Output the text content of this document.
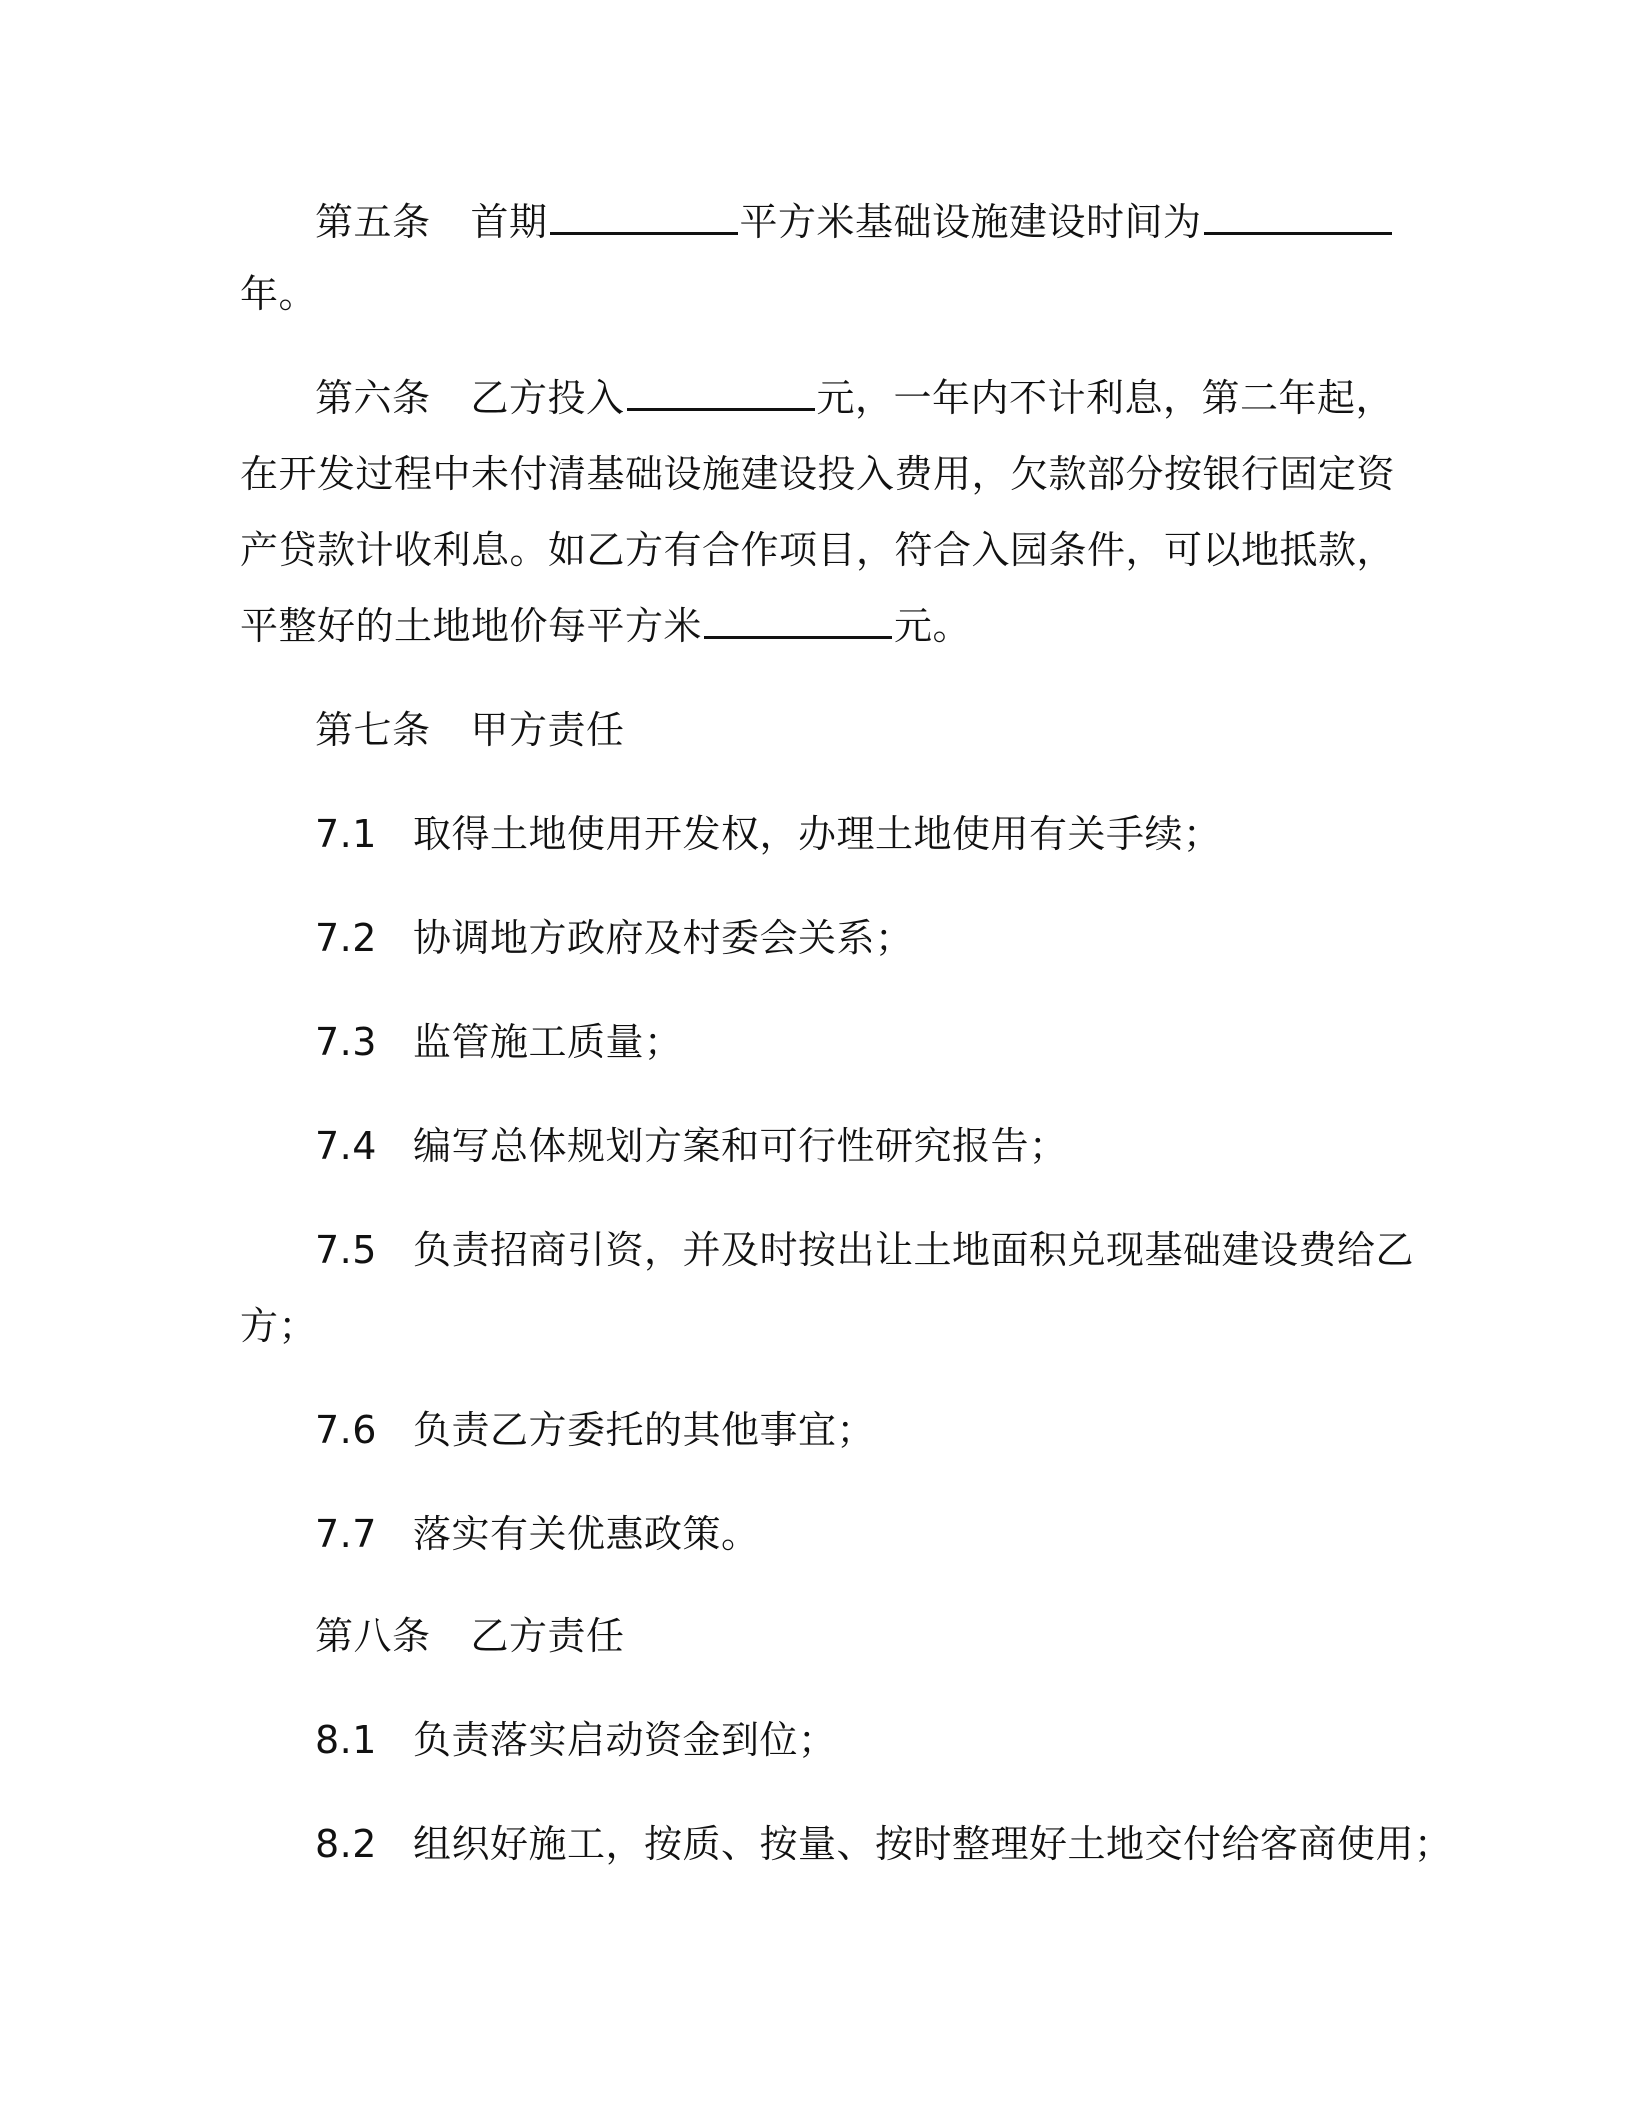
第五条 首期	平方米基础设施建设时间为
年。
第六条 乙方投入	元，一年内不计利息，第二年起，
在开发过程中未付清基础设施建设投入费用，欠款部分按银行固定资
产贷款计收利息。如乙方有合作项目，符合入园条件，可以地抵款，
平整好的土地地价每平方米	元。
第七条 甲方责任
7.1 取得土地使用开发权，办理土地使用有关手续；
7.2 协调地方政府及村委会关系；
7.3 监管施工质量；
7.4 编写总体规划方案和可行性研究报告；
7.5 负责招商引资，并及时按出让土地面积兑现基础建设费给乙
方；
7.6 负责乙方委托的其他事宜；
7.7 落实有关优惠政策。
第八条 乙方责任
8.1 负责落实启动资金到位；
8.2 组织好施工，按质、按量、按时整理好土地交付给客商使用；
